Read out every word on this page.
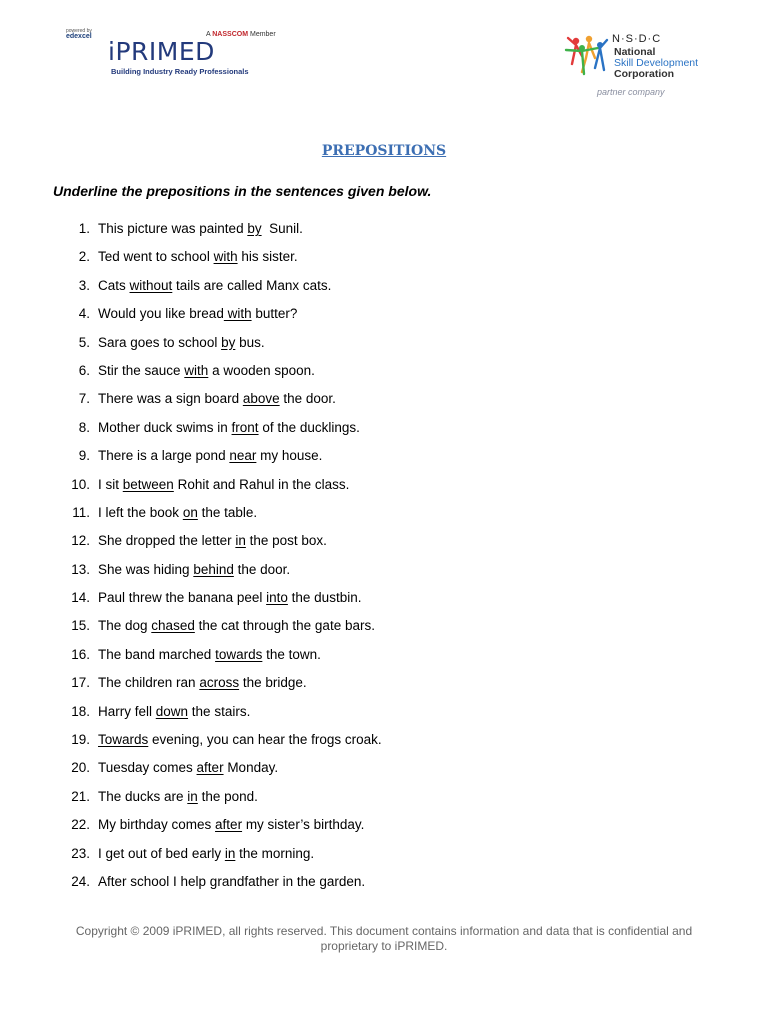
powered by
edexcel	A NASSCOM Member
iPRIMED
Building Industry Ready Professionals
N·S·D·C
National
Skill Development
Corporation
partner company
PREPOSITIONS
Underline the prepositions in the sentences given below.
1. This picture was painted by  Sunil.
2. Ted went to school with his sister.
3. Cats without tails are called Manx cats.
4. Would you like bread with butter?
5. Sara goes to school by bus.
6. Stir the sauce with a wooden spoon.
7. There was a sign board above the door.
8. Mother duck swims in front of the ducklings.
9. There is a large pond near my house.
10. I sit between Rohit and Rahul in the class.
11. I left the book on the table.
12. She dropped the letter in the post box.
13. She was hiding behind the door.
14. Paul threw the banana peel into the dustbin.
15. The dog chased the cat through the gate bars.
16. The band marched towards the town.
17. The children ran across the bridge.
18. Harry fell down the stairs.
19. Towards evening, you can hear the frogs croak.
20. Tuesday comes after Monday.
21. The ducks are in the pond.
22. My birthday comes after my sister’s birthday.
23. I get out of bed early in the morning.
24. After school I help grandfather in the garden.
Copyright © 2009 iPRIMED, all rights reserved. This document contains information and data that is confidential and
proprietary to iPRIMED.
